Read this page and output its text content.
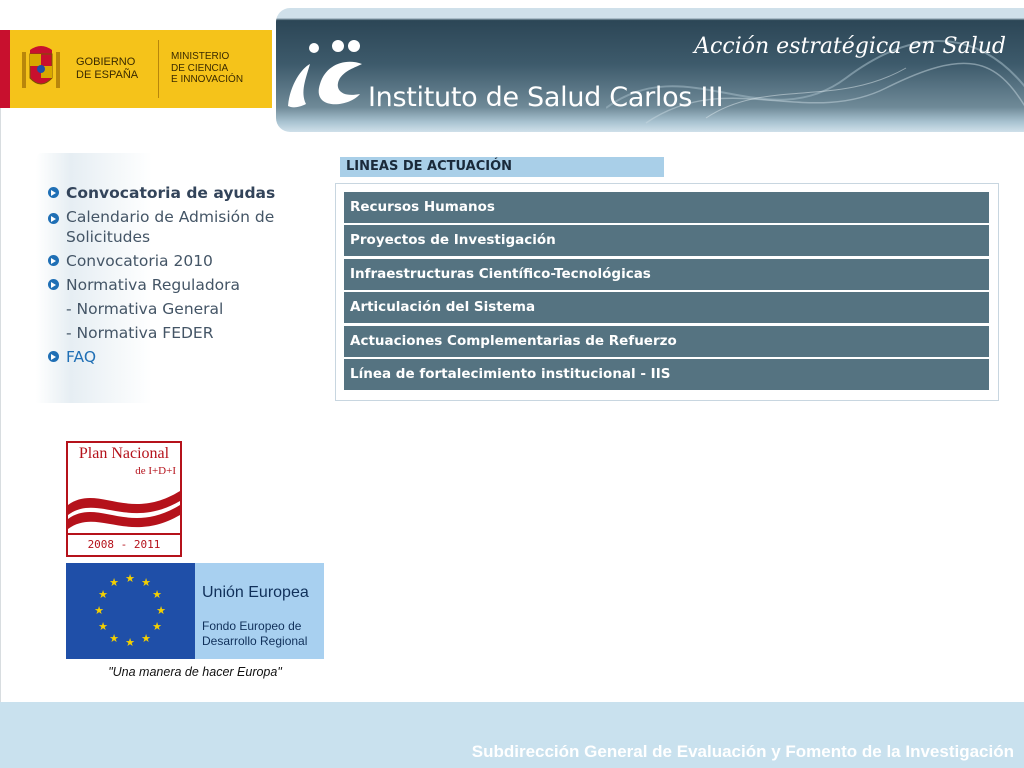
GOBIERNO
DE ESPAÑA
MINISTERIO
DE CIENCIA
E INNOVACIÓN
Instituto de Salud Carlos III
Acción estratégica en Salud
Convocatoria de ayudas
Calendario de Admisión de Solicitudes
Convocatoria 2010
Normativa Reguladora
- Normativa General
- Normativa FEDER
FAQ
LINEAS DE ACTUACIÓN
Recursos Humanos
Proyectos de Investigación
Infraestructuras Científico-Tecnológicas
Articulación del Sistema
Actuaciones Complementarias de Refuerzo
Línea de fortalecimiento institucional - IIS
Plan Nacional
de I+D+I
2008 - 2011
★ ★
★
★
★
★
★
★
★
★
★
★
Unión Europea
Fondo Europeo de
Desarrollo Regional
"Una manera de hacer Europa"
Subdirección General de Evaluación y Fomento de la Investigación
